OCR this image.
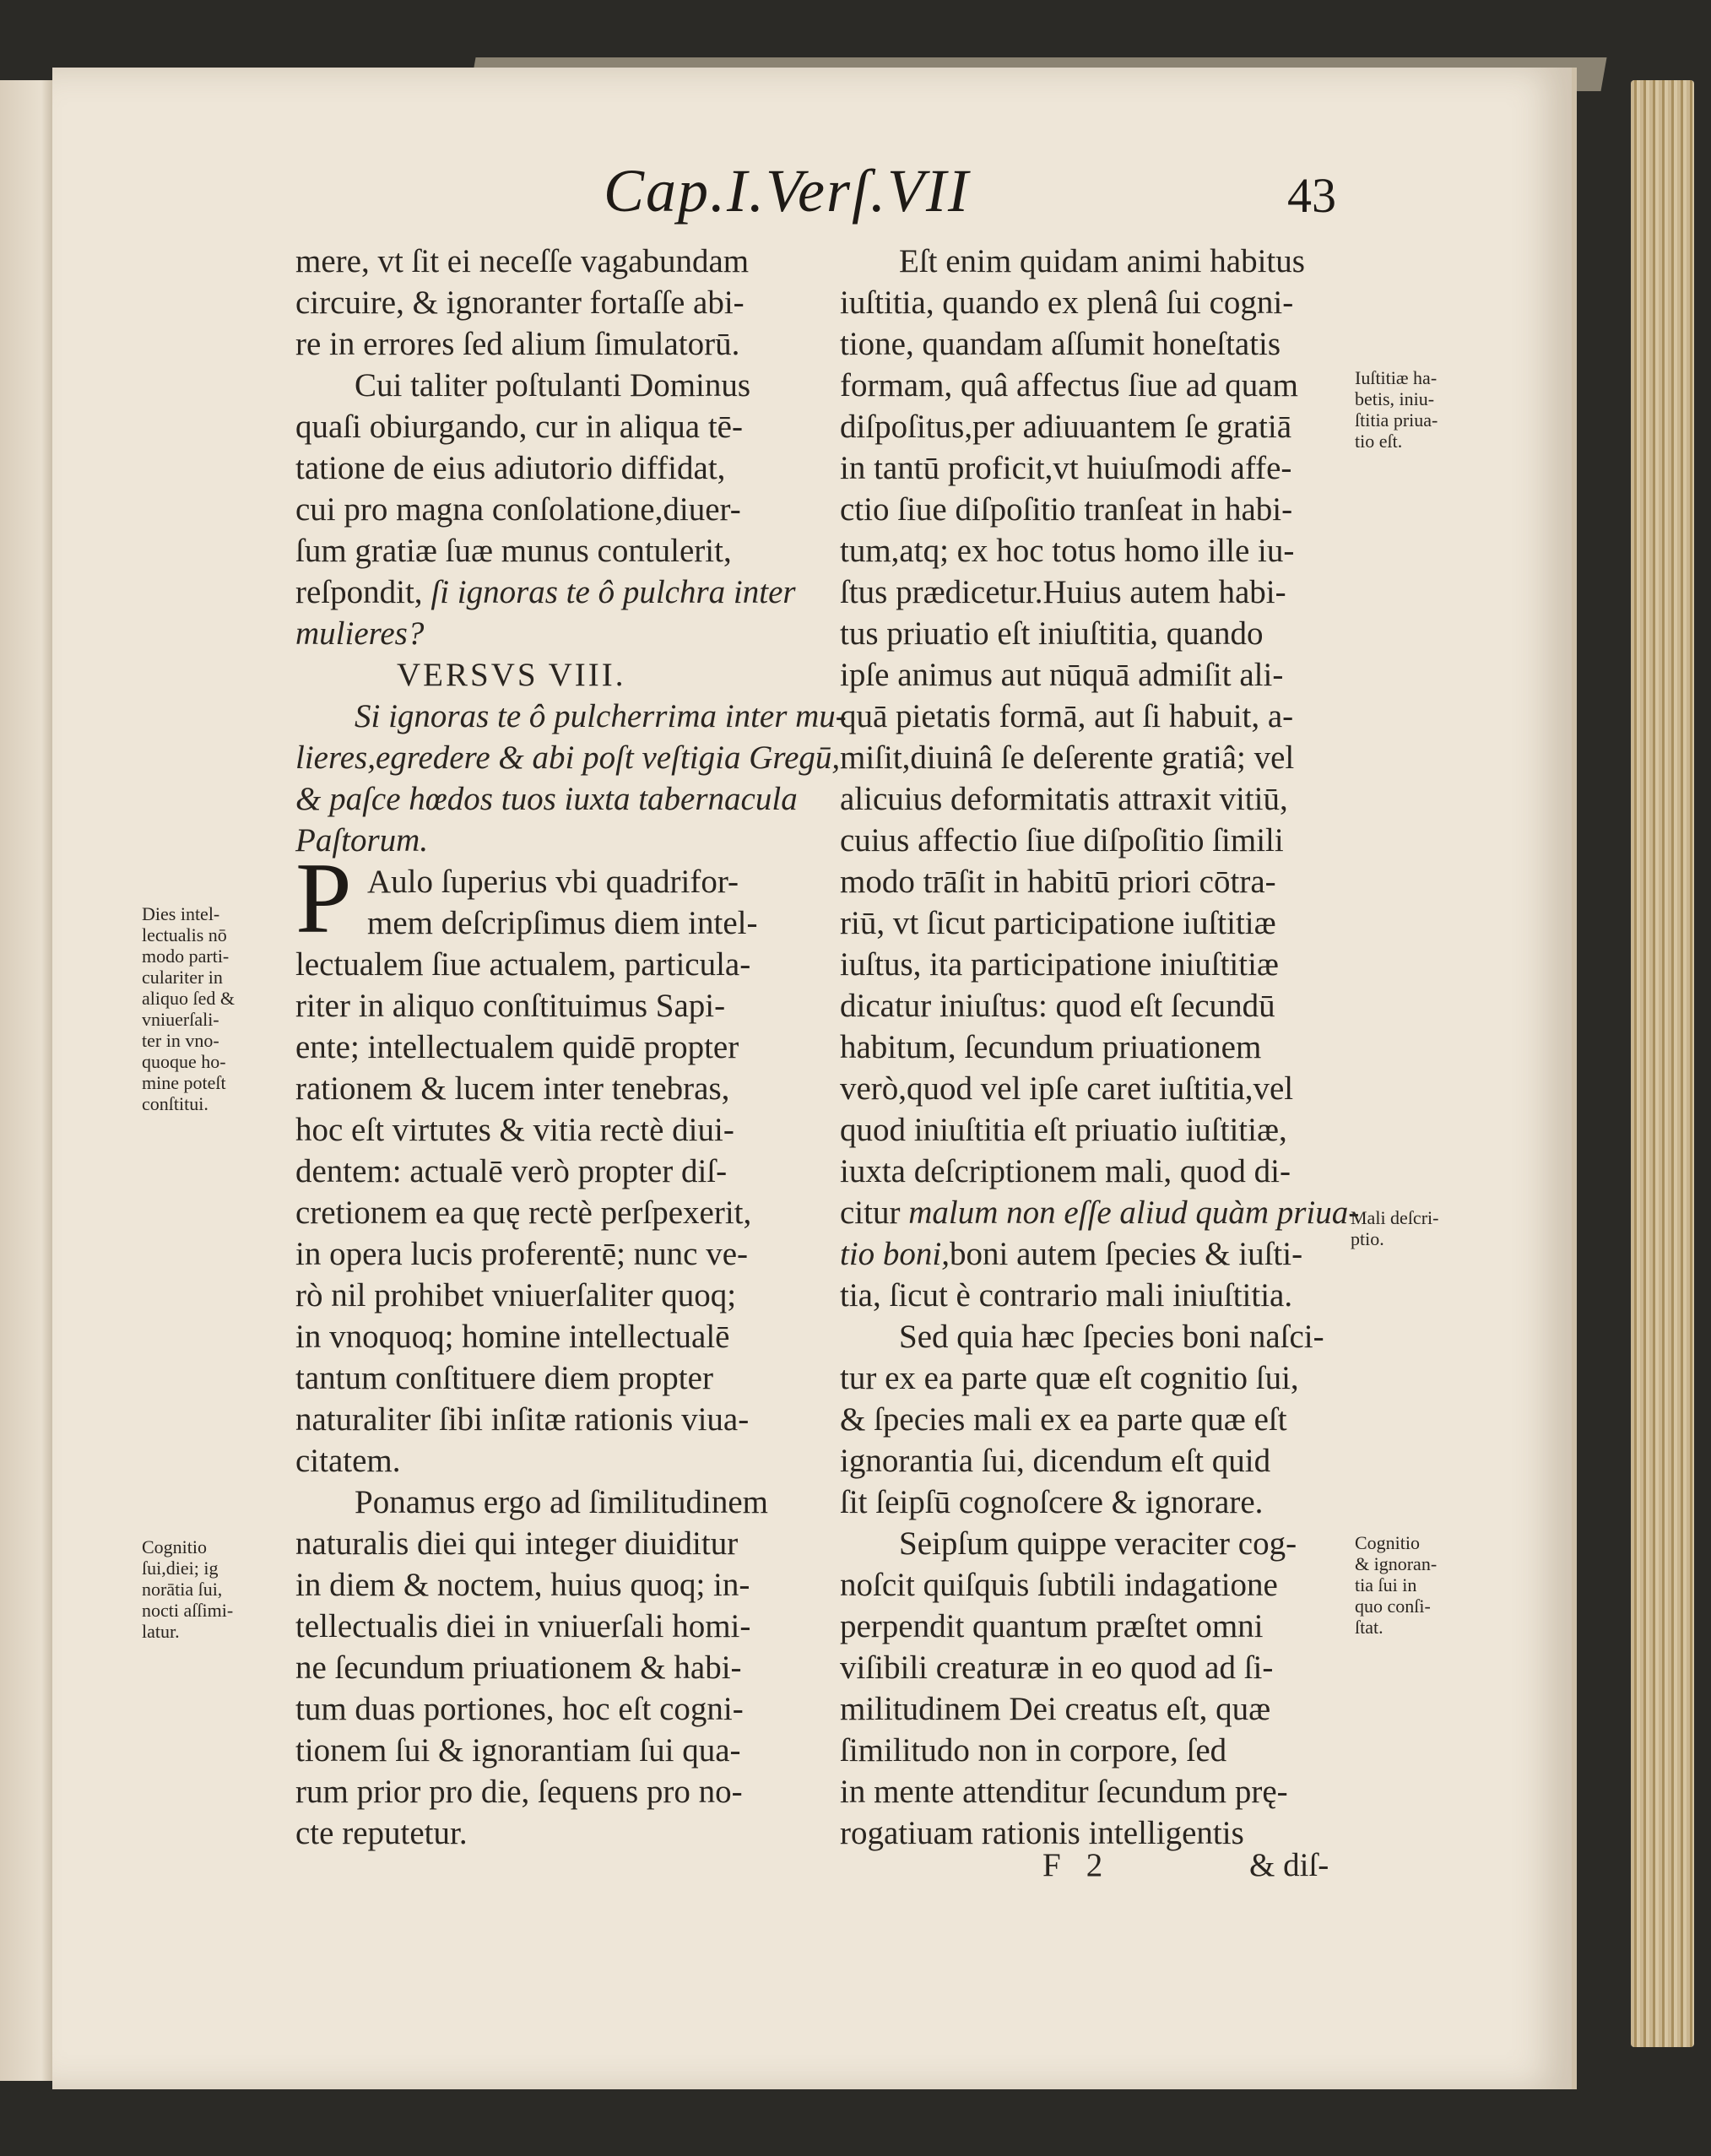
Cap.I.Verſ.VII	43
mere, vt ſit ei neceſſe vagabundam
circuire, & ignoranter fortaſſe abi-
re in errores ſed alium ſimulatorū.
Cui taliter poſtulanti Dominus
quaſi obiurgando, cur in aliqua tē-
tatione de eius adiutorio diffidat,
cui pro magna conſolatione,diuer-
ſum gratiæ ſuæ munus contulerit,
reſpondit, ſi ignoras te ô pulchra inter
mulieres?
VERSVS VIII.
Si ignoras te ô pulcherrima inter mu-
lieres,egredere & abi poſt veſtigia Gregū,
& paſce hœdos tuos iuxta tabernacula
Paſtorum.
P Aulo ſuperius vbi quadrifor-
mem deſcripſimus diem intel-
lectualem ſiue actualem, particula-
riter in aliquo conſtituimus Sapi-
ente; intellectualem quidē propter
rationem & lucem inter tenebras,
hoc eſt virtutes & vitia rectè diui-
dentem: actualē verò propter diſ-
cretionem ea quę rectè perſpexerit,
in opera lucis proferentē; nunc ve-
rò nil prohibet vniuerſaliter quoq;
in vnoquoq; homine intellectualē
tantum conſtituere diem propter
naturaliter ſibi inſitæ rationis viua-
citatem.
Ponamus ergo ad ſimilitudinem
naturalis diei qui integer diuiditur
in diem & noctem, huius quoq; in-
tellectualis diei in vniuerſali homi-
ne ſecundum priuationem & habi-
tum duas portiones, hoc eſt cogni-
tionem ſui & ignorantiam ſui qua-
rum prior pro die, ſequens pro no-
cte reputetur.
Eſt enim quidam animi habitus
iuſtitia, quando ex plenâ ſui cogni-
tione, quandam aſſumit honeſtatis
formam, quâ affectus ſiue ad quam
diſpoſitus,per adiuuantem ſe gratiā
in tantū proficit,vt huiuſmodi affe-
ctio ſiue diſpoſitio tranſeat in habi-
tum,atq; ex hoc totus homo ille iu-
ſtus prædicetur.Huius autem habi-
tus priuatio eſt iniuſtitia, quando
ipſe animus aut nūquā admiſit ali-
quā pietatis formā, aut ſi habuit, a-
miſit,diuinâ ſe deſerente gratiâ; vel
alicuius deformitatis attraxit vitiū,
cuius affectio ſiue diſpoſitio ſimili
modo trāſit in habitū priori cōtra-
riū, vt ſicut participatione iuſtitiæ
iuſtus, ita participatione iniuſtitiæ
dicatur iniuſtus: quod eſt ſecundū
habitum, ſecundum priuationem
verò,quod vel ipſe caret iuſtitia,vel
quod iniuſtitia eſt priuatio iuſtitiæ,
iuxta deſcriptionem mali, quod di-
citur malum non eſſe aliud quàm priua-
tio boni,boni autem ſpecies & iuſti-
tia, ſicut è contrario mali iniuſtitia.
Sed quia hæc ſpecies boni naſci-
tur ex ea parte quæ eſt cognitio ſui,
& ſpecies mali ex ea parte quæ eſt
ignorantia ſui, dicendum eſt quid
ſit ſeipſū cognoſcere & ignorare.
Seipſum quippe veraciter cog-
noſcit quiſquis ſubtili indagatione
perpendit quantum præſtet omni
viſibili creaturæ in eo quod ad ſi-
militudinem Dei creatus eſt, quæ
ſimilitudo non in corpore, ſed
in mente attenditur ſecundum prę-
rogatiuam rationis intelligentis
F 2	& diſ-
Dies intel-
lectualis nō
modo parti-
culariter in
aliquo ſed &
vniuerſali-
ter in vno-
quoque ho-
mine poteſt
conſtitui.
Cognitio
ſui,diei; ig
norātia ſui,
nocti aſſimi-
latur.
Iuſtitiæ ha-
betis, iniu-
ſtitia priua-
tio eſt.
Mali deſcri-
ptio.
Cognitio
& ignoran-
tia ſui in
quo conſi-
ſtat.
